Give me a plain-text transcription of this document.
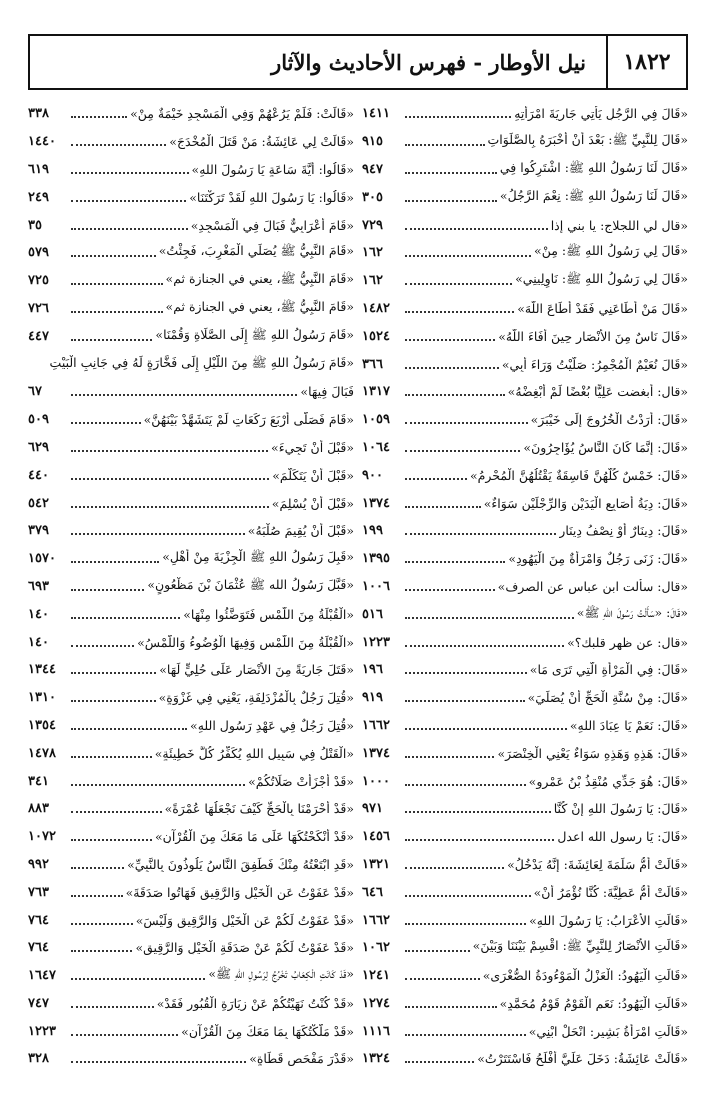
١٨٢٢
نيل الأوطار - فهرس الأحاديث والآثار
«قَالَ فِي الرَّجُلِ يَأْتِي جَارِيَةَ امْرَأَتِهِ
١٤١١
«قَالَ لِلنَّبِيِّ ﷺ: بَعْدَ أَنْ أَخْبَرَهُ بِالصَّلَوَاتِ
٩١٥
«قَالَ لَنَا رَسُولُ اللهِ ﷺ: اشْتَرِكُوا فِي
٩٤٧
«قَالَ لَنَا رَسُولُ اللهِ ﷺ: نِعْمَ الرَّجُلُ»
٣٠٥
«قال لي اللجلاج: يا بني إذا
٧٢٩
«قَالَ لِي رَسُولُ اللهِ ﷺ: مِنْ»
١٦٢
«قَالَ لِي رَسُولُ اللهِ ﷺ: نَاوِلِينِي»
١٦٢
«قَالَ مَنْ أَطَاعَنِي فَقَدْ أَطَاعَ اللَّهَ»
١٤٨٢
«قَالَ نَاسٌ مِنَ الأَنْصَارِ حِينَ أَفَاءَ اللَّهُ»
١٥٢٤
«قَالَ نُعَيْمٌ الْمُجْمِرُ: صَلَّيْتُ وَرَاءَ أَبِي»
٣٦٦
«قال: أبغضت عَلِيًّا بُغْضًا لَمْ أُبْغِضْهُ»
١٣١٧
«قَالَ: أَرَدْتُ الْخُرُوجَ إِلَى خَيْبَرَ»
١٠٥٩
«قَالَ: إِنَّمَا كَانَ النَّاسُ يُؤَاجِرُونَ»
١٠٦٤
«قَالَ: خَمْسٌ كُلُّهُنَّ فَاسِقَةٌ يَقْتُلُهُنَّ الْمُحْرِمُ»
٩٠٠
«قَالَ: دِيَةُ أَصَابِعِ الْيَدَيْنِ وَالرِّجْلَيْنِ سَوَاءٌ»
١٣٧٤
«قَالَ: دِينَارٌ أَوْ نِصْفُ دِينَارٍ
١٩٩
«قَالَ: زَنَى رَجُلٌ وَامْرَأَةٌ مِنَ الْيَهُودِ»
١٣٩٥
«قال: سألت ابن عباس عن الصرف»
١٠٠٦
«قَالَ: «سَأَلْتُ رَسُولَ اللهِ ﷺ»
٥١٦
«قال: عن ظهر قلبك؟»
١٢٢٣
«قَالَ: فِي الْمَرْأَةِ الَّتِي تَرَى مَا»
١٩٦
«قَالَ: مِنْ سُنَّةِ الْحَجِّ أَنْ يُصَلِّيَ»
٩١٩
«قَالَ: نَعَمْ يَا عِبَادَ اللهِ»
١٦٦٢
«قَالَ: هَذِهِ وَهَذِهِ سَوَاءٌ يَعْنِي الْخِنْصَرَ»
١٣٧٤
«قَالَ: هُوَ جَدِّي مُنْقِذُ بْنُ عَمْرٍو»
١٠٠٠
«قَالَ: يَا رَسُولَ اللهِ إِنْ كُنَّا
٩٧١
«قَالَ: يَا رسول الله اعدل
١٤٥٦
«قَالَتْ أُمُّ سَلَمَةَ لِعَائِشَةَ: إِنَّهُ يَدْخُلُ»
١٣٢١
«قَالَتْ أُمُّ عَطِيَّةَ: كُنَّا نُؤْمَرُ أَنْ»
٦٤٦
«قَالَتِ الأَعْرَابُ: يَا رَسُولَ اللهِ»
١٦٦٢
«قَالَتِ الأَنْصَارُ لِلنَّبِيِّ ﷺ: اقْسِمْ بَيْنَنَا وَبَيْنَ»
١٠٦٢
«قَالَتِ الْيَهُودُ: الْعَزْلُ الْمَوْءُودَةُ الصُّغْرَى»
١٢٤١
«قَالَتِ الْيَهُودُ: نَعَمِ الْقَوْمُ قَوْمُ مُحَمَّدٍ»
١٢٧٤
«قَالَتِ امْرَأَةُ بَشِيرٍ: انْحَلْ ابْنِي»
١١١٦
«قَالَتْ عَائِشَةُ: دَخَلَ عَلَيَّ أَفْلَحُ فَاسْتَتَرْتُ»
١٣٢٤
«قَالَتْ: فَلَمْ يَرُعْهُمْ وَفِي الْمَسْجِدِ خَيْمَةٌ مِنْ»
٣٣٨
«قَالَتْ لِي عَائِشَةُ: مَنْ قَتَلَ الْمُخْدَجَ»
١٤٤٠
«قَالُوا: أَيَّةَ سَاعَةٍ يَا رَسُولَ اللهِ»
٦١٩
«قَالُوا: يَا رَسُولَ اللهِ لَقَدْ تَرَكْتَنَا»
٢٤٩
«قَامَ أَعْرَابِيٌّ فَبَالَ فِي الْمَسْجِدِ»
٣٥
«قَامَ النَّبِيُّ ﷺ يُصَلِّي الْمَغْرِبَ، فَجِئْتُ»
٥٧٩
«قَامَ النَّبِيُّ ﷺ، يعني في الجنازة ثم»
٧٢٥
«قَامَ النَّبِيُّ ﷺ، يعني في الجنازة ثم»
٧٢٦
«قَامَ رَسُولُ اللهِ ﷺ إِلَى الصَّلَاةِ وَقُمْنَا»
٤٤٧
«قَامَ رَسُولُ اللهِ ﷺ مِنَ اللَّيْلِ إِلَى فَخَّارَةٍ لَهُ فِي جَانِبِ الْبَيْتِ
فَبَالَ فِيهَا»
٦٧
«قَامَ فَصَلَّى أَرْبَعَ رَكَعَاتٍ لَمْ يَتَشَهَّدْ بَيْنَهُنَّ»
٥٠٩
«قَبْلَ أَنْ تَجِيءَ»
٦٢٩
«قَبْلَ أَنْ يَتَكَلَّمَ»
٤٤٠
«قَبْلَ أَنْ يُسْلِمَ»
٥٤٢
«قَبْلَ أَنْ يُقِيمَ صُلْبَهُ»
٣٧٩
«قَبِلَ رَسُولُ اللهِ ﷺ الْجِزْيَةَ مِنْ أَهْلِ»
١٥٧٠
«قَبَّلَ رَسُولُ الله ﷺ عُثْمَانَ بْنَ مَظْعُونٍ»
٦٩٣
«الْقُبْلَةُ مِنَ اللَّمْسِ فَتَوَضَّئُوا مِنْهَا»
١٤٠
«الْقُبْلَةُ مِنَ اللَّمْسِ وَفِيهَا الْوُضُوءُ وَاللَّمْسُ»
١٤٠
«قَتَلَ جَارِيَةً مِنَ الأَنْصَارِ عَلَى حُلِيٍّ لَهَا»
١٣٤٤
«قُتِلَ رَجُلٌ بِالْمُزْدَلِفَةِ، يَعْنِي فِي غَزْوَةٍ»
١٣١٠
«قُتِلَ رَجُلٌ فِي عَهْدِ رَسُولِ اللهِ»
١٣٥٤
«الْقَتْلُ فِي سَبِيلِ اللهِ يُكَفِّرُ كُلَّ خَطِيئَةٍ»
١٤٧٨
«قَدْ أَجْزَأَتْ صَلَاتُكُمْ»
٣٤١
«قَدْ أَحْرَمْنَا بِالْحَجِّ كَيْفَ نَجْعَلُهَا عُمْرَةً»
٨٨٣
«قَدْ أَنْكَحْتُكَهَا عَلَى مَا مَعَكَ مِنَ الْقُرْآنِ»
١٠٧٢
«قَدِ ابْتَعْتُهُ مِنْكَ فَطَفِقَ النَّاسُ يَلُوذُونَ بِالنَّبِيِّ»
٩٩٢
«قَدْ عَفَوْتُ عَنِ الْخَيْلِ وَالرَّقِيقِ فَهَاتُوا صَدَقَةَ»
٧٦٣
«قَدْ عَفَوْتُ لَكُمْ عَنِ الْخَيْلِ وَالرَّقِيقِ وَلَيْسَ»
٧٦٤
«قَدْ عَفَوْتُ لَكُمْ عَنْ صَدَقَةِ الْخَيْلِ وَالرَّقِيقِ»
٧٦٤
«قَدْ كَانَتِ الْكِعَابُ تَخْرُجُ لِرَسُولِ اللهِ ﷺ»
١٦٤٧
«قَدْ كُنْتُ نَهَيْتُكُمْ عَنْ زِيَارَةِ الْقُبُورِ فَقَدْ»
٧٤٧
«قَدْ مَلَّكْتُكَهَا بِمَا مَعَكَ مِنَ الْقُرْآنِ»
١٢٢٣
«قَدْرَ مَفْحَصِ قَطَاةٍ»
٣٢٨
